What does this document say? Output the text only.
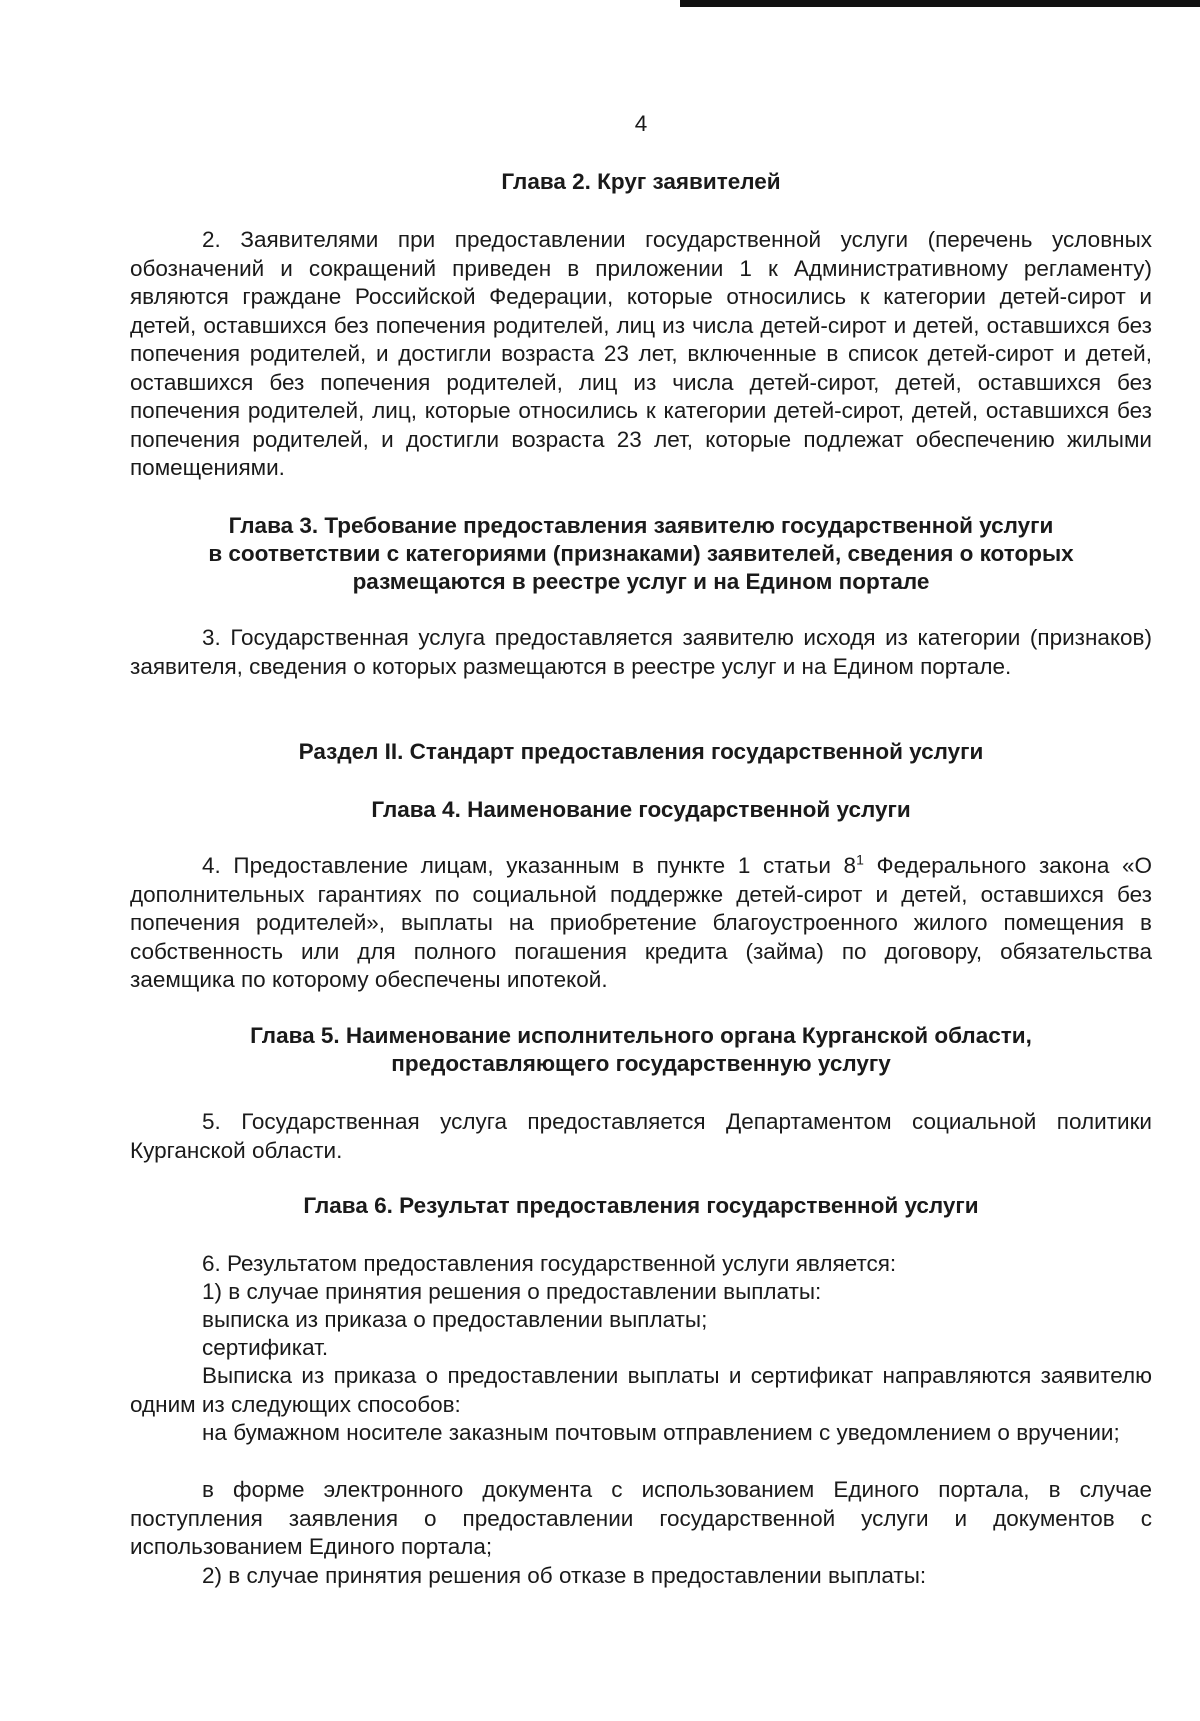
4
Глава 2. Круг заявителей

2. Заявителями при предоставлении государственной услуги (перечень условных обозначений и сокращений приведен в приложении 1 к Административному регламенту) являются граждане Российской Федерации, которые относились к категории детей-сирот и детей, оставшихся без попечения родителей, лиц из числа детей-сирот и детей, оставшихся без попечения родителей, и достигли возраста 23 лет, включенные в список детей-сирот и детей, оставшихся без попечения родителей, лиц из числа детей-сирот, детей, оставшихся без попечения родителей, лиц, которые относились к категории детей-сирот, детей, оставшихся без попечения родителей, и достигли возраста 23 лет, которые подлежат обеспечению жилыми помещениями.

Глава 3. Требование предоставления заявителю государственной услуги
в соответствии с категориями (признаками) заявителей, сведения о которых
размещаются в реестре услуг и на Едином портале

3. Государственная услуга предоставляется заявителю исходя из категории (признаков) заявителя, сведения о которых размещаются в реестре услуг и на Едином портале.

Раздел II. Стандарт предоставления государственной услуги
Глава 4. Наименование государственной услуги

4. Предоставление лицам, указанным в пункте 1 статьи $8^1$ Федерального закона «О дополнительных гарантиях по социальной поддержке детей-сирот и детей, оставшихся без попечения родителей», выплаты на приобретение благоустроенного жилого помещения в собственность или для полного погашения кредита (займа) по договору, обязательства заемщика по которому обеспечены ипотекой.

Глава 5. Наименование исполнительного органа Курганской области,
предоставляющего государственную услугу

5. Государственная услуга предоставляется Департаментом социальной политики Курганской области.

Глава 6. Результат предоставления государственной услуги
6. Результатом предоставления государственной услуги является:
1) в случае принятия решения о предоставлении выплаты:
выписка из приказа о предоставлении выплаты;
сертификат.

Выписка из приказа о предоставлении выплаты и сертификат направляются заявителю одним из следующих способов:

на бумажном носителе заказным почтовым отправлением с уведомлением о вручении;

в форме электронного документа с использованием Единого портала, в случае поступления заявления о предоставлении государственной услуги и документов с использованием Единого портала;

2) в случае принятия решения об отказе в предоставлении выплаты:
